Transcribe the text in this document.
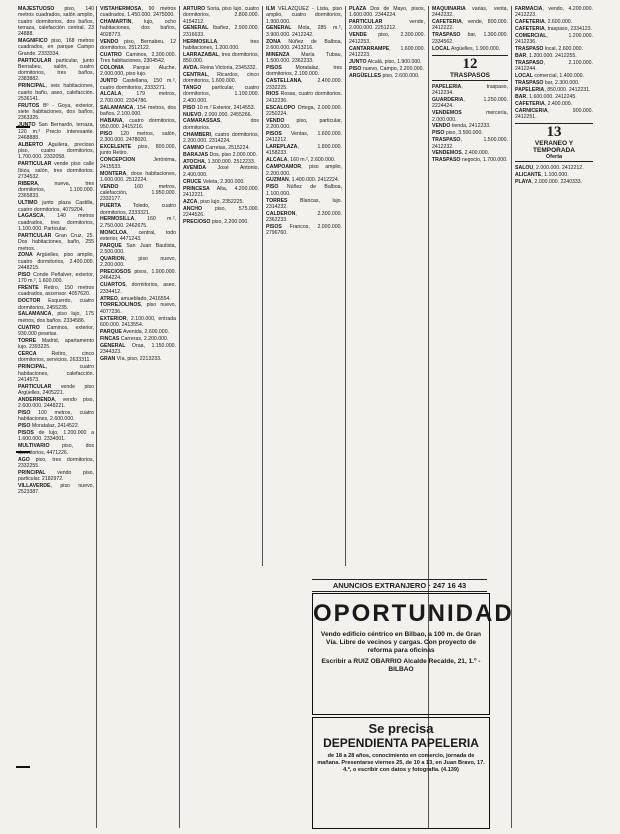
MAJESTUOSO piso, 140 metros cuadrados, salón amplio, cuatro dormitorios, dos baños, terraza, calefacción central. 23 24888.

MAGNIFICO piso, 168 metros cuadrados, en parque Campo Grande. 2333334.

PARTICULAR particular, junto Bernabeu, salón, cuatro dormitorios, tres baños, 2383882.

PRINCIPAL, seis habitaciones, cuarto baño, aseo, calefacción. 2536141.

FRUTOS Bº - Goya, exterior, siete habitaciones, dos baños, 2363325.

JUNTO San Bernardo, terraza, 120 m.² Precio interesante. 2468888.

ALBERTO Aguilera, precioso piso, cuatro dormitorios, 1.700.000. 2332058.

PARTICULAR vende piso calle Ibiza, salón, tres dormitorios. 2734532.

RIBERA, nueva, tres dormitorios, 1.100.000. 2365833.

ULTIMO junto plaza Castilla, cuatro dormitorios, 4079204.

LAGASCA, 140 metros cuadrados, tres dormitorios, 1.100.000. Particular.

PARTICULAR Gran Cruz, 25. Dos habitaciones, baño, 255 metros.

ZONA Argüelles, piso amplio, cuatro dormitorios, 2.400.000. 2448215.

PISO Conde Peñalver, exterior, 170 m.², 1.600.000.

FRENTE Retiro, 150 metros cuadrados, ascensor. 4057620.

DOCTOR Esquerdo, cuatro dormitorios, 2455235.

SALAMANCA, piso lujo, 175 metros, dos baños. 2334586.

CUATRO Caminos, exterior, 930.000 pesetas.

TORRE Madrid, apartamento lujo. 2393225.

CERCA Retiro, cinco dormitorios, servicios. 2633311.

PRINCIPAL, cuatro habitaciones, calefacción. 2414573.

PARTICULAR vende piso Argüelles, 2405221.

ANDERRENDA, vendo piso, 2.600.000. 2448221.

PISO 100 metros, cuatro habitaciones, 2.600.000.

PISO Moratalaz, 2414522.

PISOS de lujo, 1.200.000 a 1.600.000. 2334001.

MULTIVARIO piso, dos dormitorios, 4471226.

AGO piso, tres dormitorios, 2332255.

PRINCIPAL vendo piso, particular. 2182972.

VILLAVERDE, piso nuevo, 2523387.

VISTAHERMOSA, 90 metros cuadrados, 1.450.000. 2475000.

CHAMARTIN, lujo, ocho habitaciones, dos baños, 4028773.

VENDO piso, Bernabeu, 12 dormitorios. 2512122.

CUATRO Caminos, 2.300.000. Tres habitaciones, 2304542.

COLONIA Parque Aluche, 2.000.000, piso lujo.

JUNTO Castellana, 150 m.², cuatro dormitorios, 2333271.

ALCALA, 179 metros, 2.700.000. 2334786.

SALAMANCA, 154 metros, dos baños, 2.100.000.

HABANA, cuatro dormitorios, 950.000. 2415216.

PISO 120 metros, salón, 2.300.000. 2478020.

EXCELENTE piso, 800.000, junto Retiro.

CONCEPCION Jerónima, 2415533.

MONTERA, doce habitaciones, 1.600.000. 2512224.

VENDO 160 metros, calefacción, 1.950.000. 2332177.

PUERTA Toledo, cuatro dormitorios, 2333321.

HERMOSILLA, 160 m.², 2.750.000. 2462675.

MONCLOA, central, todo exterior, 4471243.

PARQUE San Juan Bautista, 2.500.000.

QUARION, piso nuevo, 2.200.000.

PRECIOSOS pisos, 1.900.000. 2464224.

CUARTOS, dormitorios, aseo. 2334412.

ATREO, amueblado, 2416554.

TORREJOLINOS, piso nuevo, 4077236.

EXTERIOR, 2.100.000, entrada 600.000. 2413554.

PARQUE Avenida, 2.600.000.

FINCAS Carreras, 2.200.000.

GENERAL Oraa, 1.150.000. 2344323.

GRAN Vía, piso, 2213233.

ARTURO Soria, piso lujo, cuatro dormitorios, 2.800.000. 4154212.

GENERAL Ibañez, 2.900.000. 2316633.

HERMOSILLA, tres habitaciones, 1.200.000.

LARRAZABAL, tres dormitorios, 850.000.

AVDA. Reina Victoria, 2345332.

CENTRAL, Ricardos, cinco dormitorios, 1.600.000.

TANGO particular, cuatro dormitorios, 1.100.000. 2.400.000.

PISO 10 m.² Exterior, 2414553.

NUEVO, 2.000.000. 2455266.

CAMARASSAS, dos dormitorios.

CHAMBERI, cuatro dormitorios, 2.200.000. 2314224.

CAMINO Carretas, 2515224.

BARAJAS Dos, piso 2.000.000.

ATOCHA, 1.300.000. 2512233.

AVENIDA José Antonio, 2.400.000.

CRUCE Veleta, 2.300.000.

PRINCESA Alta, 4.200.000. 2412221.

AZCA, piso lujo, 2352225.

ANCHO piso, 575.000. 2244526.

PRECIOSO piso, 2.200.000.

ILM VELAZQUEZ - Lista, piso amplio, cuatro dormitorios, 1.900.000.

GENERAL Mola, 285 m.², 3.900.000. 2412242.

ZONA Núñez de Balboa, 2.600.000. 2413216.

MINENZA María Tubau, 1.500.000. 2362233.

PISOS Moratalaz, tres dormitorios, 2.100.000.

CASTELLANA, 2.400.000. 2332225.

RIOS Rosas, cuatro dormitorios. 2412236.

ESCALOPO Ortega, 2.000.000. 2250224.

VENDO piso, particular, 2.200.000.

PISOS Ventas, 1.600.000. 2412212.

LAREPLAZA, 1.800.000. 4158233.

ALCALA, 160 m.², 2.600.000.

CAMPOAMOR, piso amplio, 2.200.000.

GUZMAN, 1.400.000. 2412224.

PISO Núñez de Balboa, 1.100.000.

TORRES Blancas, lujo. 2314232.

CALDERON, 2.300.000. 2362233.

PISOS Francos, 2.000.000. 2796760.

PLAZA Dos de Mayo, pisos, 1.600.000. 2344224.

PARTICULAR vende, 2.000.000. 2251212.

VENDE piso, 2.300.000. 2412253.

CANTARRAMPE, 1.600.000. 2412223.

JUNTO Alcalá, piso, 1.900.000.

PISO nuevo, Campo, 2.200.000.

ARGÜELLES piso, 2.600.000.

MAQUINARIA varias, venta, 2442232.

CAFETERIA, vende, 800.000. 2412222.

TRASPASO bar, 1.300.000. 2334562.

LOCAL Argüelles, 1.900.000.

12
TRASPASOS

PAPELERIA, traspaso, 2412234.

GUARDERIA, 1.250.000. 2224424.

VENDEMOS mercería, 2.000.000.

VENDO tienda, 2412233.

PISO piso, 3.500.000.

TRASPASO, 1.500.000. 2412232.

VENDEMOS, 2.400.000.

TRASPASO negocio, 1.700.000.

FARMACIA, vendo, 4.200.000. 2412223.

CAFETERIA, 2.600.000.

CAFETERIA, traspaso, 2334123.

COMERCIAL, 1.200.000. 2412236.

TRASPASO local, 2.600.000.

BAR, 1.200.000. 2412255.

TRASPASO, 2.100.000. 2412244.

LOCAL comercial, 1.400.000.

TRASPASO bar, 2.300.000.

PAPELERIA, 850.000. 2412231.

BAR, 1.600.000. 2412245.

CAFETERIA, 2.400.000.

CARNICERIA, 900.000. 2412251.

13
VERANEO Y TEMPORADA
Oferta

SALOU, 2.000.000. 2412212.

ALICANTE, 1.100.000.

PLAYA, 2.000.000. 2240333.

ANUNCIOS EXTRANJERO · 247 16 43
OPORTUNIDAD
Vendo edificio céntrico en Bilbao, a 100 m. de Gran Vía. Libre de vecinos y cargas. Con proyecto de reforma para oficinas
Escribir a RUIZ OBARRIO Alcalde Recalde, 21, 1.º - BILBAO
Se precisa
DEPENDIENTA PAPELERIA
de 18 a 28 años, conocimiento en comercio, jornada de mañana. Presentarse viernes 25, de 10 a 13, en Juan Bravo, 17. 4.º, o escribir con datos y fotografía. (4.139)
